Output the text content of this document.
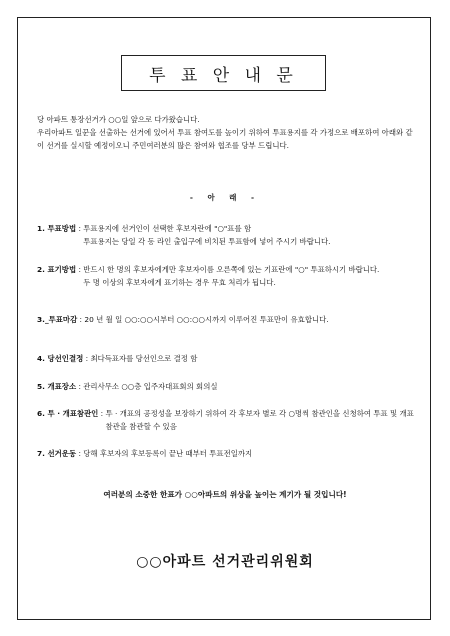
투 표 안 내 문

당 아파트 통장선거가 ○○일 앞으로 다가왔습니다.

우리아파트 일꾼을 선출하는 선거에 있어서 투표 참여도를 높이기 위하여 투표용지를 각 가정으로 배포하여 아래와 같이 선거를 실시할 예정이오니 주민여러분의 많은 참여와 협조를 당부 드립니다.

- 아 래 -
1. 투표방법 : 투표용지에 선거인이 선택한 후보자란에 "○"표를 함
투표용지는 당일 각 동 라인 출입구에 비치된 투표함에 넣어 주시기 바랍니다.
2. 표기방법 : 반드시 한 명의 후보자에게만 후보자이름 오른쪽에 있는 기표란에 "○" 투표하시기 바랍니다.
두 명 이상의 후보자에게 표기하는 경우 무효 처리가 됩니다.
3._투표마감 : 20 년 월 일 ○○:○○시부터 ○○:○○시까지 이루어진 투표만이 유효합니다.
4. 당선인결정 : 최다득표자를 당선인으로 결정 함
5. 개표장소 : 관리사무소 ○○층 입주자대표회의 회의실
6. 투 · 개표참관인 : 투 · 개표의 공정성을 보장하기 위하여 각 후보자 별로 각 ○명씩 참관인을 신청하여 투표 및 개표참관을 참관할 수 있음
7. 선거운동 : 당해 후보자의 후보등록이 끝난 때부터 투표전일까지
여러분의 소중한 한표가 ○○아파트의 위상을 높이는 계기가 될 것입니다!
○○아파트 선거관리위원회
